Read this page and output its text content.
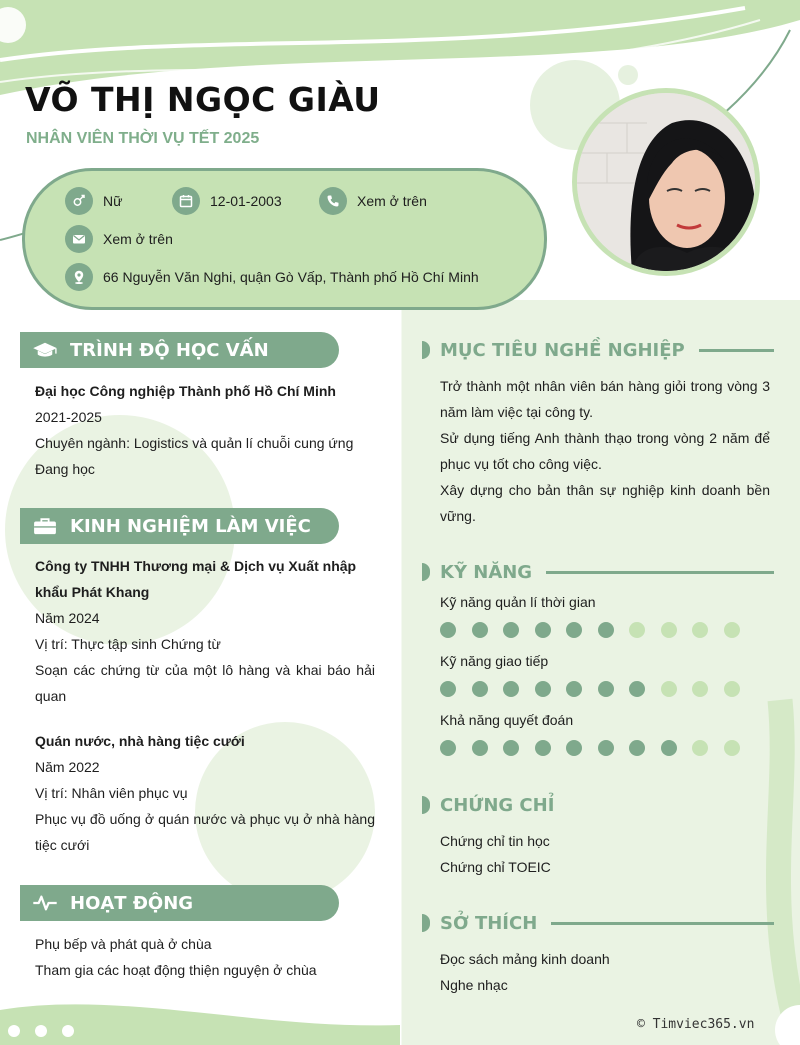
VÕ THỊ NGỌC GIÀU
NHÂN VIÊN THỜI VỤ TẾT 2025
Nữ	12-01-2003	Xem ở trên
Xem ở trên
66 Nguyễn Văn Nghi, quận Gò Vấp, Thành phố Hồ Chí Minh
TRÌNH ĐỘ HỌC VẤN
Đại học Công nghiệp Thành phố Hồ Chí Minh
2021-2025
Chuyên ngành: Logistics và quản lí chuỗi cung ứng
Đang học
KINH NGHIỆM LÀM VIỆC
Công ty TNHH Thương mại & Dịch vụ Xuất nhập khẩu Phát Khang
Năm 2024
Vị trí: Thực tập sinh Chứng từ
Soạn các chứng từ của một lô hàng và khai báo hải quan
Quán nước, nhà hàng tiệc cưới
Năm 2022
Vị trí: Nhân viên phục vụ
Phục vụ đồ uống ở quán nước và phục vụ ở nhà hàng tiệc cưới
HOẠT ĐỘNG
Phụ bếp và phát quà ở chùa
Tham gia các hoạt động thiện nguyện ở chùa
MỤC TIÊU NGHỀ NGHIỆP
Trở thành một nhân viên bán hàng giỏi trong vòng 3 năm làm việc tại công ty.
Sử dụng tiếng Anh thành thạo trong vòng 2 năm để phục vụ tốt cho công việc.
Xây dựng cho bản thân sự nghiệp kinh doanh bền vững.
KỸ NĂNG
Kỹ năng quản lí thời gian
Kỹ năng giao tiếp
Khả năng quyết đoán
CHỨNG CHỈ
Chứng chỉ tin học
Chứng chỉ TOEIC
SỞ THÍCH
Đọc sách mảng kinh doanh
Nghe nhạc
© Timviec365.vn
